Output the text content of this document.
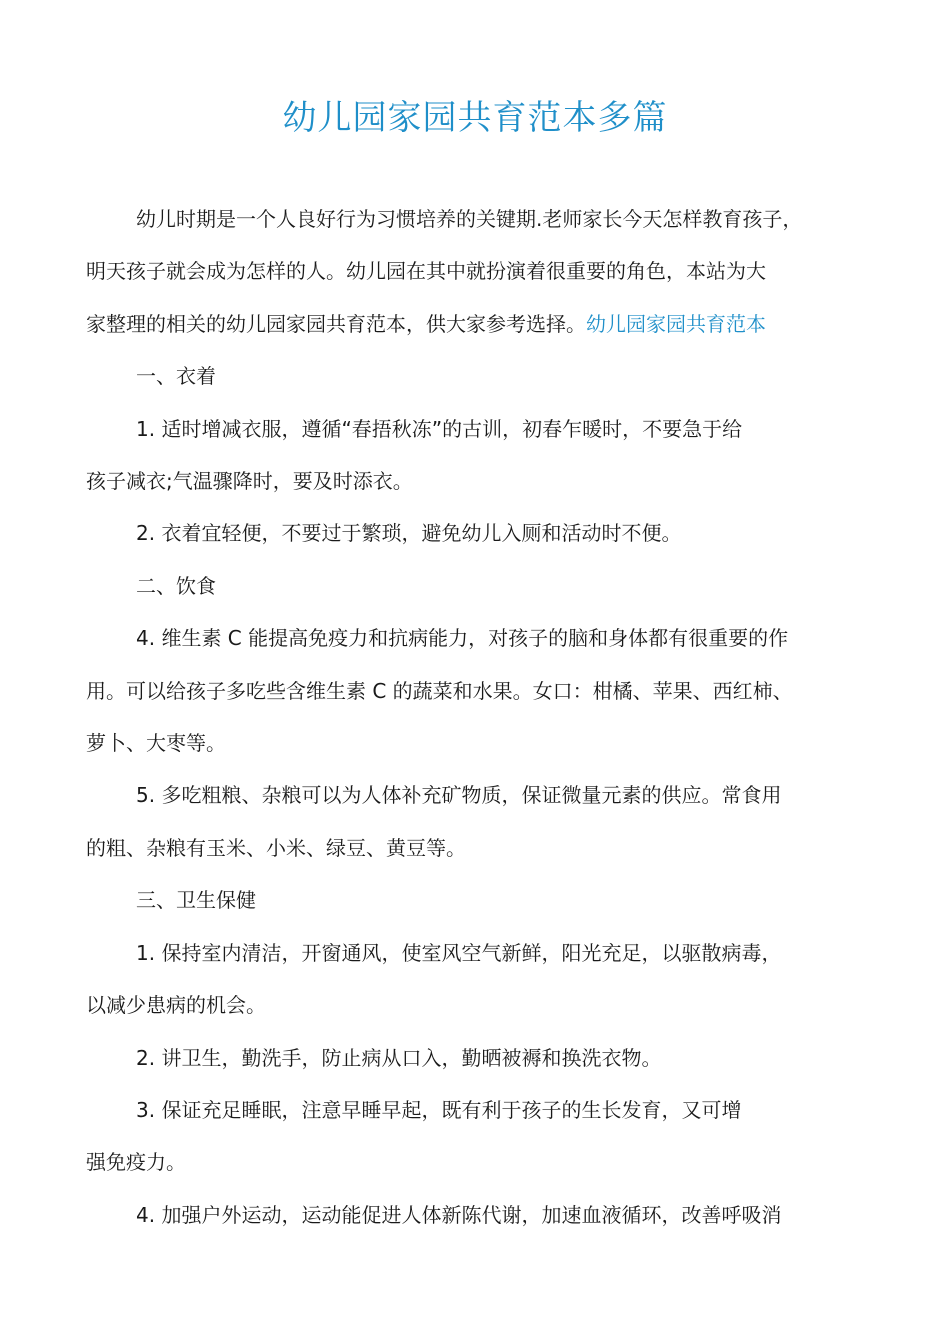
幼儿园家园共育范本多篇

幼儿时期是一个人良好行为习惯培养的关键期.老师家长今天怎样教育孩子，

明天孩子就会成为怎样的人。幼儿园在其中就扮演着很重要的角色，本站为大

家整理的相关的幼儿园家园共育范本，供大家参考选择。幼儿园家园共育范本

一、衣着

1. 适时增减衣服，遵循“春捂秋冻”的古训，初春乍暖时，不要急于给

孩子减衣;气温骤降时，要及时添衣。

2. 衣着宜轻便，不要过于繁琐，避免幼儿入厕和活动时不便。

二、饮食

4. 维生素 C 能提高免疫力和抗病能力，对孩子的脑和身体都有很重要的作

用。可以给孩子多吃些含维生素 C 的蔬菜和水果。女口：柑橘、苹果、西红柿、

萝卜、大枣等。

5. 多吃粗粮、杂粮可以为人体补充矿物质，保证微量元素的供应。常食用

的粗、杂粮有玉米、小米、绿豆、黄豆等。

三、卫生保健

1. 保持室内清洁，开窗通风，使室风空气新鲜，阳光充足，以驱散病毒，

以减少患病的机会。

2. 讲卫生，勤洗手，防止病从口入，勤晒被褥和换洗衣物。

3. 保证充足睡眠，注意早睡早起，既有利于孩子的生长发育，又可增

强免疫力。

4. 加强户外运动，运动能促进人体新陈代谢，加速血液循环，改善呼吸消
